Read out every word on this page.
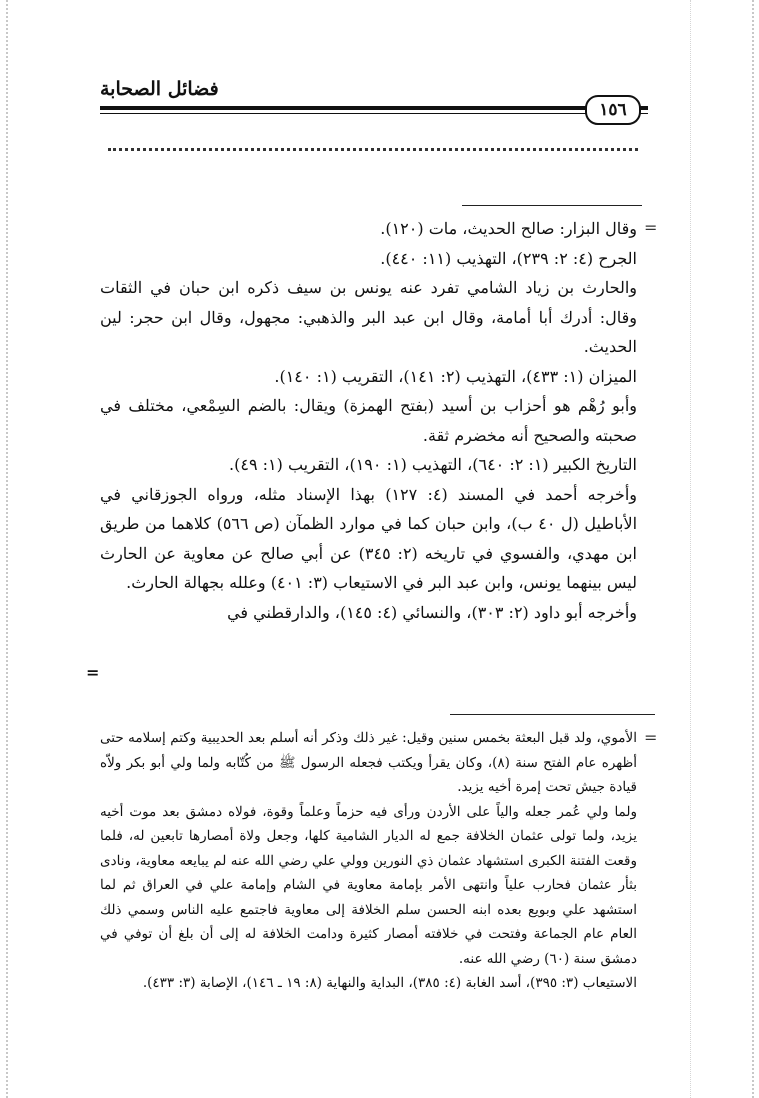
فضائل الصحابة
١٥٦
=

وقال البزار: صالح الحديث، مات (١٢٠).

الجرح (٤: ٢: ٢٣٩)، التهذيب (١١: ٤٤٠).

والحارث بن زياد الشامي تفرد عنه يونس بن سيف ذكره ابن حبان في الثقات وقال: أدرك أبا أمامة، وقال ابن عبد البر والذهبي: مجهول، وقال ابن حجر: لين الحديث.

الميزان (١: ٤٣٣)، التهذيب (٢: ١٤١)، التقريب (١: ١٤٠).

وأبو رُهْم هو أحزاب بن أسيد (بفتح الهمزة) ويقال: بالضم السِمْعي، مختلف في صحبته والصحيح أنه مخضرم ثقة.

التاريخ الكبير (١: ٢: ٦٤٠)، التهذيب (١: ١٩٠)، التقريب (١: ٤٩).

وأخرجه أحمد في المسند (٤: ١٢٧) بهذا الإسناد مثله، ورواه الجوزقاني في الأباطيل (ل ٤٠ ب)، وابن حبان كما في موارد الظمآن (ص ٥٦٦) كلاهما من طريق ابن مهدي، والفسوي في تاريخه (٢: ٣٤٥) عن أبي صالح عن معاوية عن الحارث ليس بينهما يونس، وابن عبد البر في الاستيعاب (٣: ٤٠١) وعلله بجهالة الحارث.

وأخرجه أبو داود (٢: ٣٠٣)، والنسائي (٤: ١٤٥)، والدارقطني في

=
=

الأموي، ولد قبل البعثة بخمس سنين وقيل: غير ذلك وذكر أنه أسلم بعد الحديبية وكتم إسلامه حتى أظهره عام الفتح سنة (٨)، وكان يقرأ ويكتب فجعله الرسول ﷺ من كُتّابه ولما ولي أبو بكر ولاّه قيادة جيش تحت إمرة أخيه يزيد.

ولما ولي عُمر جعله والياً على الأردن ورأى فيه حزماً وعلماً وقوة، فولاه دمشق بعد موت أخيه يزيد، ولما تولى عثمان الخلافة جمع له الديار الشامية كلها، وجعل ولاة أمصارها تابعين له، فلما وقعت الفتنة الكبرى استشهاد عثمان ذي النورين وولي علي رضي الله عنه لم يبايعه معاوية، ونادى بثأر عثمان فحارب علياً وانتهى الأمر بإمامة معاوية في الشام وإمامة علي في العراق ثم لما استشهد علي وبويع بعده ابنه الحسن سلم الخلافة إلى معاوية فاجتمع عليه الناس وسمي ذلك العام عام الجماعة وفتحت في خلافته أمصار كثيرة ودامت الخلافة له إلى أن بلغ أن توفي في دمشق سنة (٦٠) رضي الله عنه.

الاستيعاب (٣: ٣٩٥)، أسد الغابة (٤: ٣٨٥)، البداية والنهاية (٨: ١٩ ـ ١٤٦)، الإصابة (٣: ٤٣٣).
